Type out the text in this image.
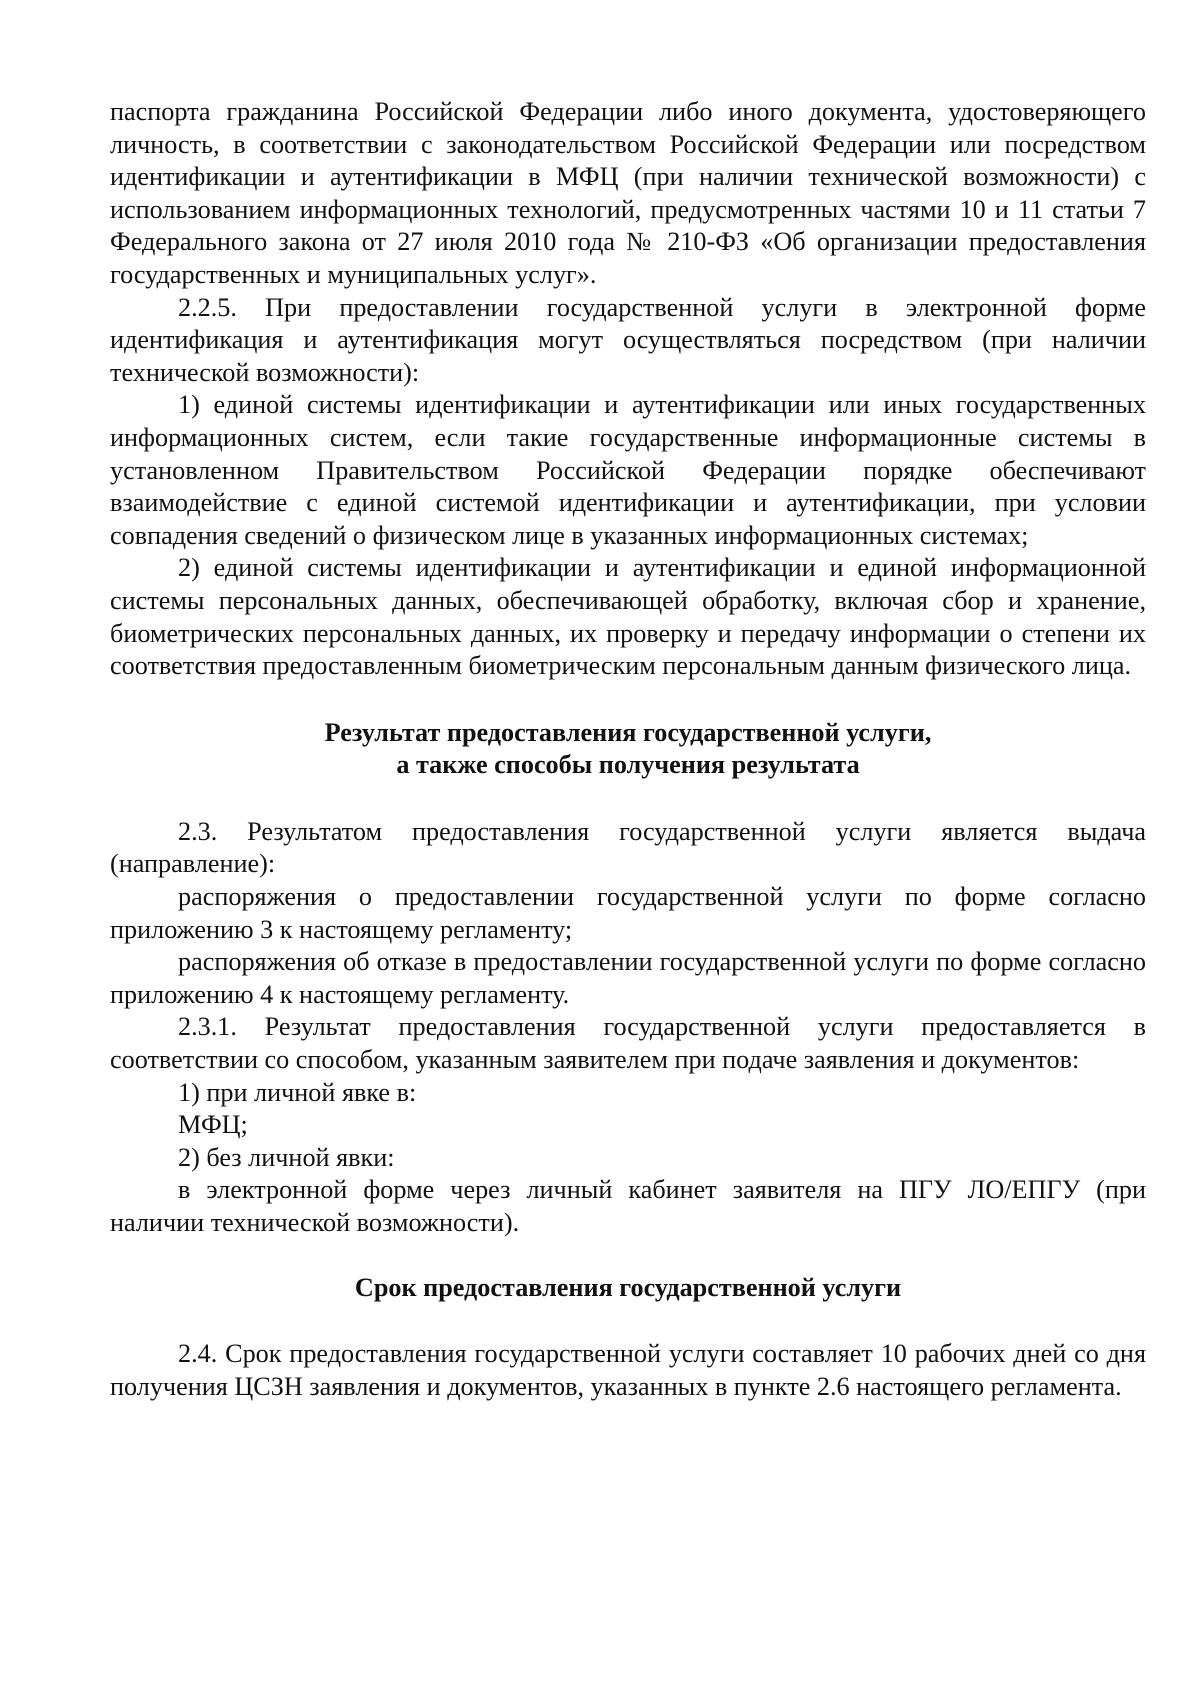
паспорта гражданина Российской Федерации либо иного документа, удостоверяющего личность, в соответствии с законодательством Российской Федерации или посредством идентификации и аутентификации в МФЦ (при наличии технической возможности) с использованием информационных технологий, предусмотренных частями 10 и 11 статьи 7 Федерального закона от 27 июля 2010 года № 210-ФЗ «Об организации предоставления государственных и муниципальных услуг».

2.2.5. При предоставлении государственной услуги в электронной форме идентификация и аутентификация могут осуществляться посредством (при наличии технической возможности):

1) единой системы идентификации и аутентификации или иных государственных информационных систем, если такие государственные информационные системы в установленном Правительством Российской Федерации порядке обеспечивают взаимодействие с единой системой идентификации и аутентификации, при условии совпадения сведений о физическом лице в указанных информационных системах;

2) единой системы идентификации и аутентификации и единой информационной системы персональных данных, обеспечивающей обработку, включая сбор и хранение, биометрических персональных данных, их проверку и передачу информации о степени их соответствия предоставленным биометрическим персональным данным физического лица.

Результат предоставления государственной услуги,

а также способы получения результата

2.3. Результатом предоставления государственной услуги является выдача (направление):

распоряжения о предоставлении государственной услуги по форме согласно приложению 3 к настоящему регламенту;

распоряжения об отказе в предоставлении государственной услуги по форме согласно приложению 4 к настоящему регламенту.

2.3.1. Результат предоставления государственной услуги предоставляется в соответствии со способом, указанным заявителем при подаче заявления и документов:

1) при личной явке в:

МФЦ;

2) без личной явки:

в электронной форме через личный кабинет заявителя на ПГУ ЛО/ЕПГУ (при наличии технической возможности).

Срок предоставления государственной услуги

2.4. Срок предоставления государственной услуги составляет 10 рабочих дней со дня получения ЦСЗН заявления и документов, указанных в пункте 2.6 настоящего регламента.
